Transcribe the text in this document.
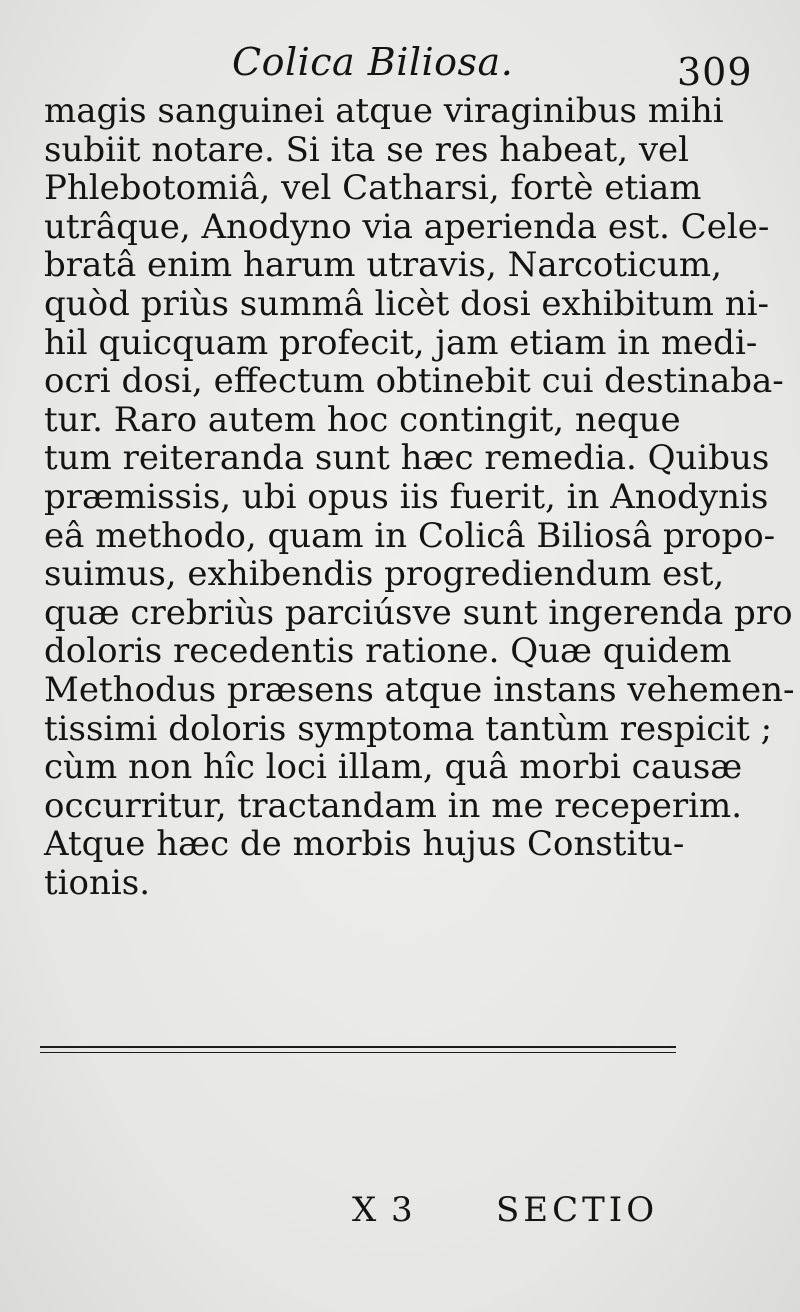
Colica Biliosa.	309
magis sanguinei atque viraginibus mihi
subiit notare. Si ita se res habeat, vel
Phlebotomiâ, vel Catharsi, fortè etiam
utrâque, Anodyno via aperienda est. Cele-
bratâ enim harum utravis, Narcoticum,
quòd priùs summâ licèt dosi exhibitum ni-
hil quicquam profecit, jam etiam in medi-
ocri dosi, effectum obtinebit cui destinaba-
tur. Raro autem hoc contingit, neque
tum reiteranda sunt hæc remedia. Quibus
præmissis, ubi opus iis fuerit, in Anodynis
eâ methodo, quam in Colicâ Biliosâ propo-
suimus, exhibendis progrediendum est,
quæ crebriùs parciúsve sunt ingerenda pro
doloris recedentis ratione. Quæ quidem
Methodus præsens atque instans vehemen-
tissimi doloris symptoma tantùm respicit ;
cùm non hîc loci illam, quâ morbi causæ
occurritur, tractandam in me receperim.
Atque hæc de morbis hujus Constitu-
tionis.
X 3 SECTIO
